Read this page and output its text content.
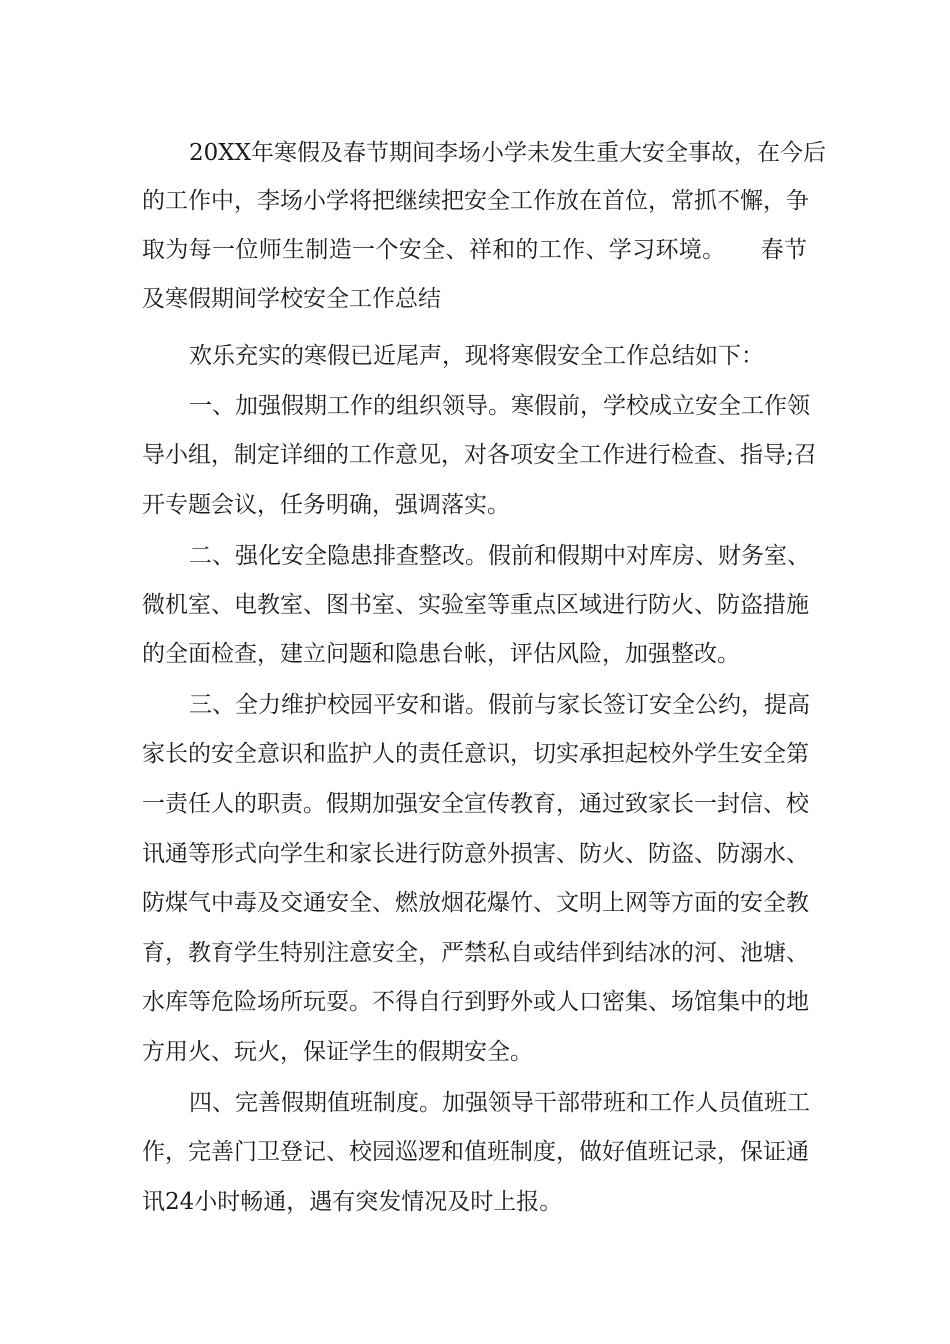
20XX年寒假及春节期间李场小学未发生重大安全事故，在今后

的工作中，李场小学将把继续把安全工作放在首位，常抓不懈，争

取为每一位师生制造一个安全、祥和的工作、学习环境。　　春节

及寒假期间学校安全工作总结

欢乐充实的寒假已近尾声，现将寒假安全工作总结如下：

一、加强假期工作的组织领导。寒假前，学校成立安全工作领

导小组，制定详细的工作意见，对各项安全工作进行检查、指导;召

开专题会议，任务明确，强调落实。

二、强化安全隐患排查整改。假前和假期中对库房、财务室、

微机室、电教室、图书室、实验室等重点区域进行防火、防盗措施

的全面检查，建立问题和隐患台帐，评估风险，加强整改。

三、全力维护校园平安和谐。假前与家长签订安全公约，提高

家长的安全意识和监护人的责任意识，切实承担起校外学生安全第

一责任人的职责。假期加强安全宣传教育，通过致家长一封信、校

讯通等形式向学生和家长进行防意外损害、防火、防盗、防溺水、

防煤气中毒及交通安全、燃放烟花爆竹、文明上网等方面的安全教

育，教育学生特别注意安全，严禁私自或结伴到结冰的河、池塘、

水库等危险场所玩耍。不得自行到野外或人口密集、场馆集中的地

方用火、玩火，保证学生的假期安全。

四、完善假期值班制度。加强领导干部带班和工作人员值班工

作，完善门卫登记、校园巡逻和值班制度，做好值班记录，保证通

讯24小时畅通，遇有突发情况及时上报。
